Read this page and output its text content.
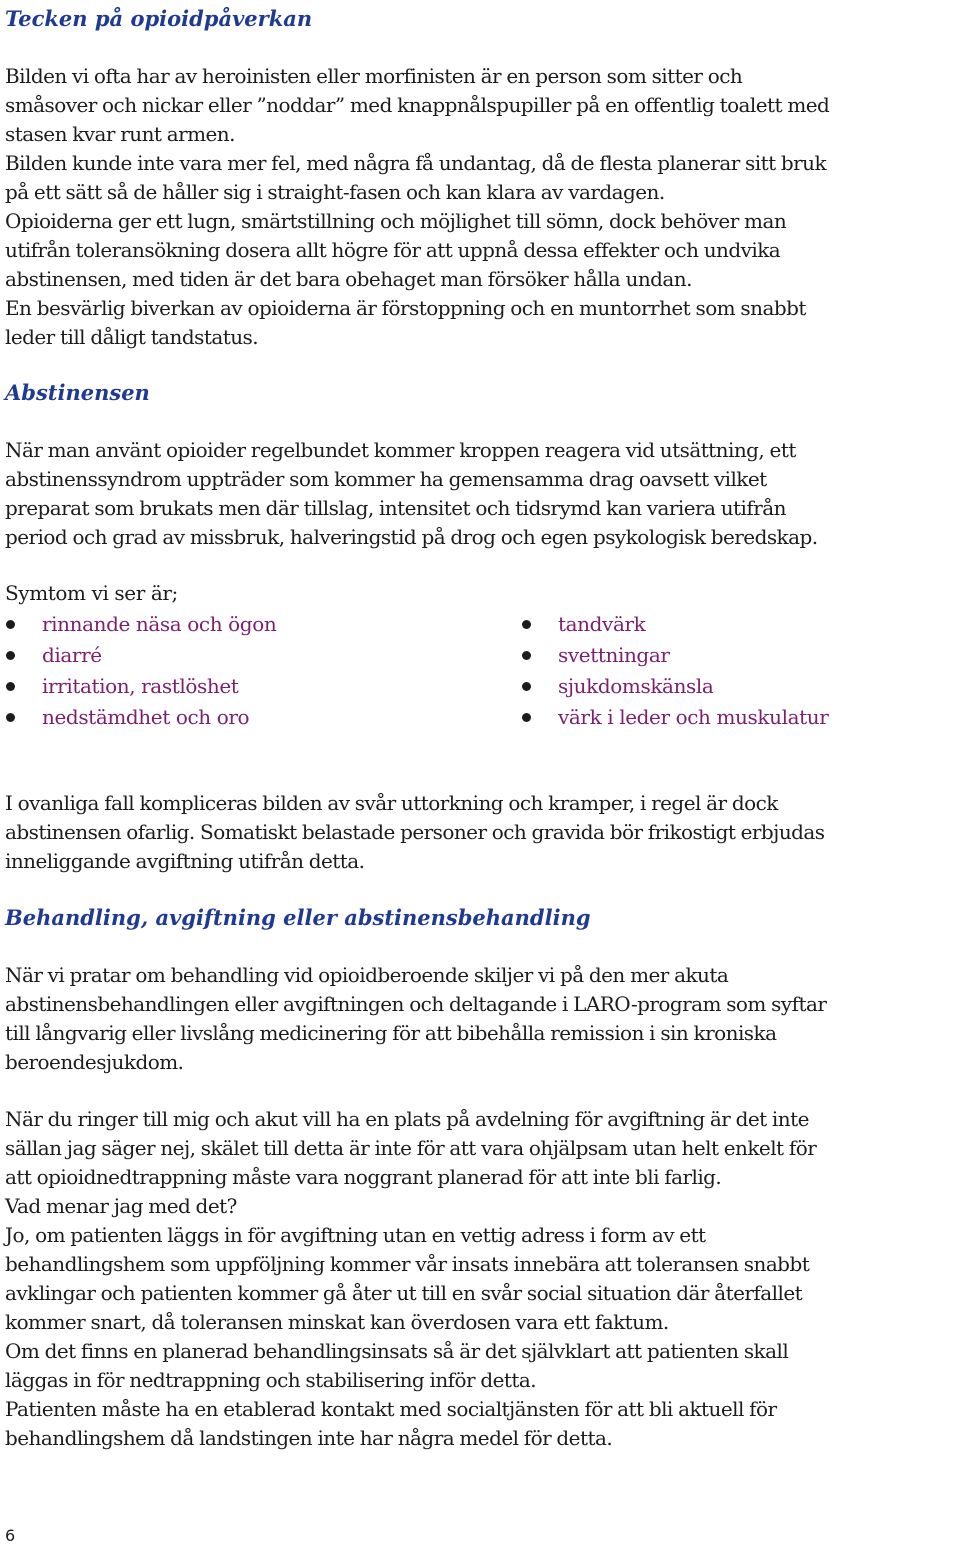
Tecken på opioidpåverkan
Bilden vi ofta har av heroinisten eller morfinisten är en person som sitter och
småsover och nickar eller ”noddar” med knappnålspupiller på en offentlig toalett med
stasen kvar runt armen.
Bilden kunde inte vara mer fel, med några få undantag, då de flesta planerar sitt bruk
på ett sätt så de håller sig i straight-fasen och kan klara av vardagen.
Opioiderna ger ett lugn, smärtstillning och möjlighet till sömn, dock behöver man
utifrån toleransökning dosera allt högre för att uppnå dessa effekter och undvika
abstinensen, med tiden är det bara obehaget man försöker hålla undan.
En besvärlig biverkan av opioiderna är förstoppning och en muntorrhet som snabbt
leder till dåligt tandstatus.
Abstinensen
När man använt opioider regelbundet kommer kroppen reagera vid utsättning, ett
abstinenssyndrom uppträder som kommer ha gemensamma drag oavsett vilket
preparat som brukats men där tillslag, intensitet och tidsrymd kan variera utifrån
period och grad av missbruk, halveringstid på drog och egen psykologisk beredskap.
Symtom vi ser är;
rinnande näsa och ögon
diarré
irritation, rastlöshet
nedstämdhet och oro
tandvärk
svettningar
sjukdomskänsla
värk i leder och muskulatur
I ovanliga fall kompliceras bilden av svår uttorkning och kramper, i regel är dock
abstinensen ofarlig. Somatiskt belastade personer och gravida bör frikostigt erbjudas
inneliggande avgiftning utifrån detta.
Behandling, avgiftning eller abstinensbehandling
När vi pratar om behandling vid opioidberoende skiljer vi på den mer akuta
abstinensbehandlingen eller avgiftningen och deltagande i LARO-program som syftar
till långvarig eller livslång medicinering för att bibehålla remission i sin kroniska
beroendesjukdom.
När du ringer till mig och akut vill ha en plats på avdelning för avgiftning är det inte
sällan jag säger nej, skälet till detta är inte för att vara ohjälpsam utan helt enkelt för
att opioidnedtrappning måste vara noggrant planerad för att inte bli farlig.
Vad menar jag med det?
Jo, om patienten läggs in för avgiftning utan en vettig adress i form av ett
behandlingshem som uppföljning kommer vår insats innebära att toleransen snabbt
avklingar och patienten kommer gå åter ut till en svår social situation där återfallet
kommer snart, då toleransen minskat kan överdosen vara ett faktum.
Om det finns en planerad behandlingsinsats så är det självklart att patienten skall
läggas in för nedtrappning och stabilisering inför detta.
Patienten måste ha en etablerad kontakt med socialtjänsten för att bli aktuell för
behandlingshem då landstingen inte har några medel för detta.
6
